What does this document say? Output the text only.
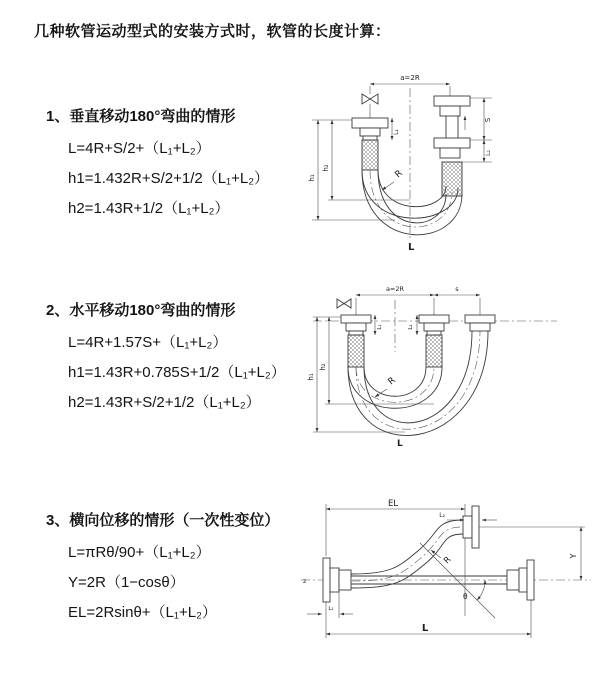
几种软管运动型式的安装方式时，软管的长度计算：
1、垂直移动180°弯曲的情形
L=4R+S/2+（L₁+L₂）
h1=1.432R+S/2+1/2（L₁+L₂）
h2=1.43R+1/2（L₁+L₂）
2、水平移动180°弯曲的情形
L=4R+1.57S+（L₁+L₂）
h1=1.43R+0.785S+1/2（L₁+L₂）
h2=1.43R+S/2+1/2（L₁+L₂）
3、横向位移的情形（一次性变位）
L=πRθ/90+（L₁+L₂）
Y=2R（1−cosθ）
EL=2Rsinθ+（L₁+L₂）
a=2R
h₁
h₂
L₁
S
L₂
R
L
a=2R	s
h₁
h₂
L₁	L₂
R
L
EL
L₂
Y
θ
R
L
L₁
z
